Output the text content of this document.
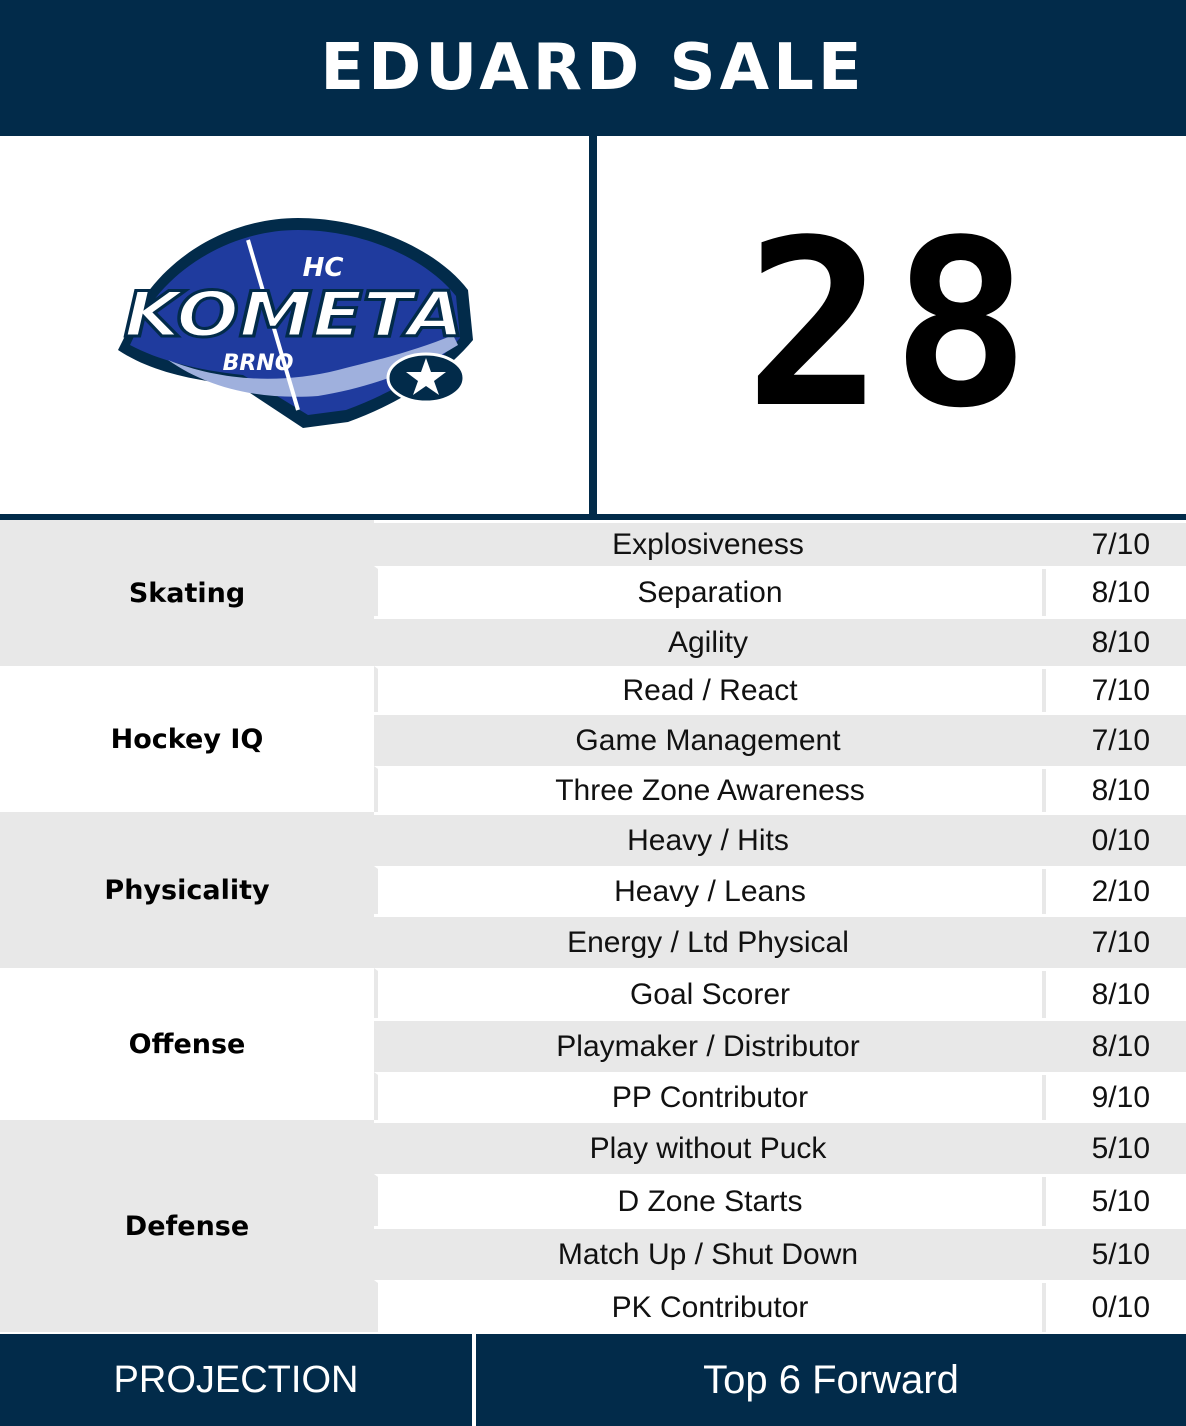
EDUARD SALE
HC
KOMETA
BRNO	28
Skating
Explosiveness	7/10
Separation	8/10
Agility	8/10
Hockey IQ
Read / React	7/10
Game Management	7/10
Three Zone Awareness	8/10
Physicality
Heavy / Hits	0/10
Heavy / Leans	2/10
Energy / Ltd Physical	7/10
Offense
Goal Scorer	8/10
Playmaker / Distributor	8/10
PP Contributor	9/10
Defense
Play without Puck	5/10
D Zone Starts	5/10
Match Up / Shut Down	5/10
PK Contributor	0/10
PROJECTION	Top 6 Forward
